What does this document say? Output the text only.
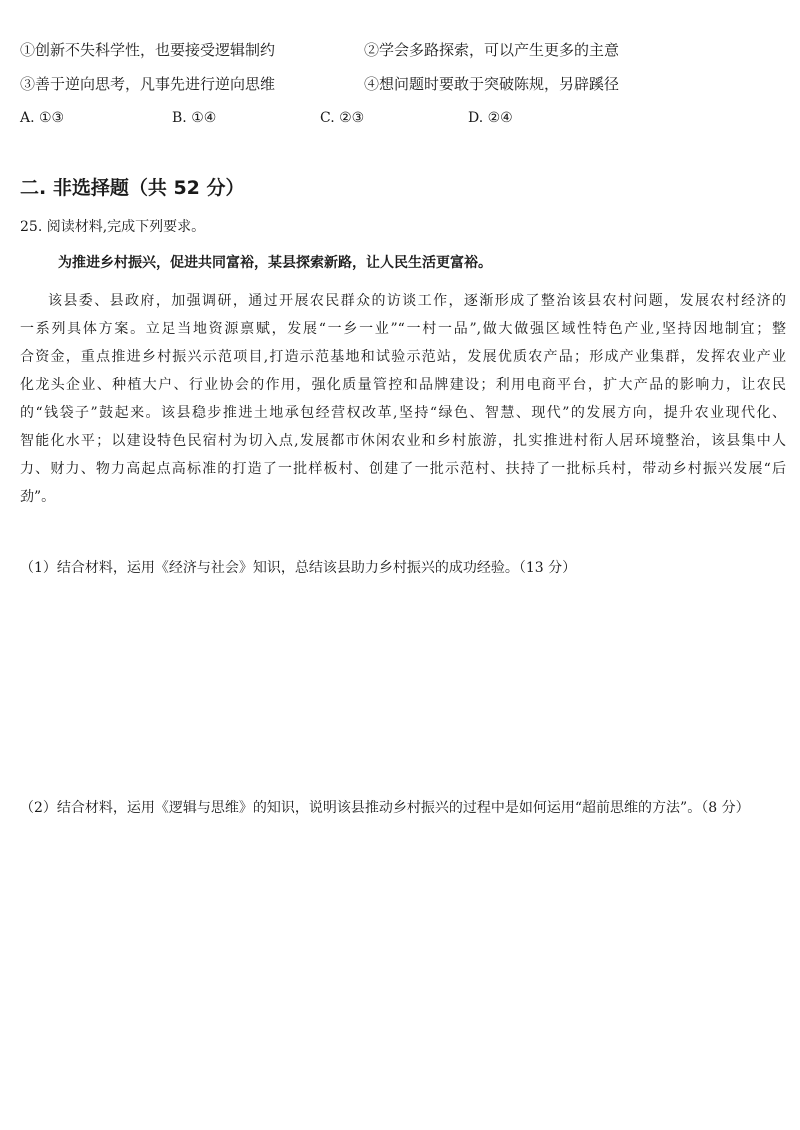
①创新不失科学性，也要接受逻辑制约	②学会多路探索，可以产生更多的主意
③善于逆向思考，凡事先进行逆向思维	④想问题时要敢于突破陈规，另辟蹊径
A. ①③	B. ①④	C. ②③	D. ②④
二. 非选择题（共 52 分）
25. 阅读材料,完成下列要求。
为推进乡村振兴，促进共同富裕，某县探索新路，让人民生活更富裕。
该县委、县政府，加强调研，通过开展农民群众的访谈工作，逐渐形成了整治该县农村问题，发展农村经济的
一系列具体方案。立足当地资源禀赋，发展“一乡一业”“一村一品”,做大做强区域性特色产业,坚持因地制宜；整
合资金，重点推进乡村振兴示范项目,打造示范基地和试验示范站，发展优质农产品；形成产业集群，发挥农业产业
化龙头企业、种植大户、行业协会的作用，强化质量管控和品牌建设；利用电商平台，扩大产品的影响力，让农民
的“钱袋子”鼓起来。该县稳步推进土地承包经营权改革,坚持“绿色、智慧、现代”的发展方向，提升农业现代化、
智能化水平；以建设特色民宿村为切入点,发展都市休闲农业和乡村旅游，扎实推进村衔人居环境整治，该县集中人
力、财力、物力高起点高标准的打造了一批样板村、创建了一批示范村、扶持了一批标兵村，带动乡村振兴发展“后
劲”。
（1）结合材料，运用《经济与社会》知识，总结该县助力乡村振兴的成功经验。（13 分）
（2）结合材料，运用《逻辑与思维》的知识，说明该县推动乡村振兴的过程中是如何运用“超前思维的方法”。（8 分）
